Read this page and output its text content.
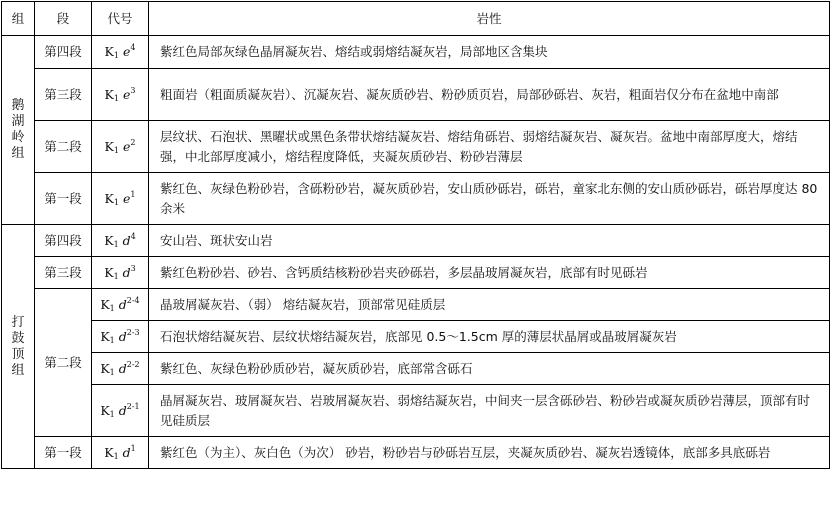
组	段	代号	岩性

鹅
湖
岭
组	第四段	$K_1$ $e^4$	紫红色局部灰绿色晶屑凝灰岩、熔结或弱熔结凝灰岩，局部地区含集块
	第三段	$K_1$ $e^3$	粗面岩（粗面质凝灰岩）、沉凝灰岩、凝灰质砂岩、粉砂质页岩，局部砂砾岩、灰岩，粗面岩仅分布在盆地中南部
	第二段	$K_1$ $e^2$	层纹状、石泡状、黑曜状或黑色条带状熔结凝灰岩、熔结角砾岩、弱熔结凝灰岩、凝灰岩。盆地中南部厚度大，熔结强，中北部厚度减小，熔结程度降低，夹凝灰质砂岩、粉砂岩薄层
	第一段	$K_1$ $e^1$	紫红色、灰绿色粉砂岩，含砾粉砂岩，凝灰质砂岩，安山质砂砾岩，砾岩，童家北东侧的安山质砂砾岩，砾岩厚度达 80 余米

打
鼓
顶
组	第四段	$K_1$ $d^4$	安山岩、斑状安山岩
	第三段	$K_1$ $d^3$	紫红色粉砂岩、砂岩、含钙质结核粉砂岩夹砂砾岩，多层晶玻屑凝灰岩，底部有时见砾岩
	第二段	$K_1$ $d^{2-4}$	晶玻屑凝灰岩、（弱） 熔结凝灰岩，顶部常见硅质层
		$K_1$ $d^{2-3}$	石泡状熔结凝灰岩、层纹状熔结凝灰岩，底部见 0.5～1.5cm 厚的薄层状晶屑或晶玻屑凝灰岩
		$K_1$ $d^{2-2}$	紫红色、灰绿色粉砂质砂岩，凝灰质砂岩，底部常含砾石
		$K_1$ $d^{2-1}$	晶屑凝灰岩、玻屑凝灰岩、岩玻屑凝灰岩、弱熔结凝灰岩，中间夹一层含砾砂岩、粉砂岩或凝灰质砂岩薄层，顶部有时见硅质层
	第一段	$K_1$ $d^1$	紫红色（为主）、灰白色（为次） 砂岩，粉砂岩与砂砾岩互层，夹凝灰质砂岩、凝灰岩透镜体，底部多具底砾岩
